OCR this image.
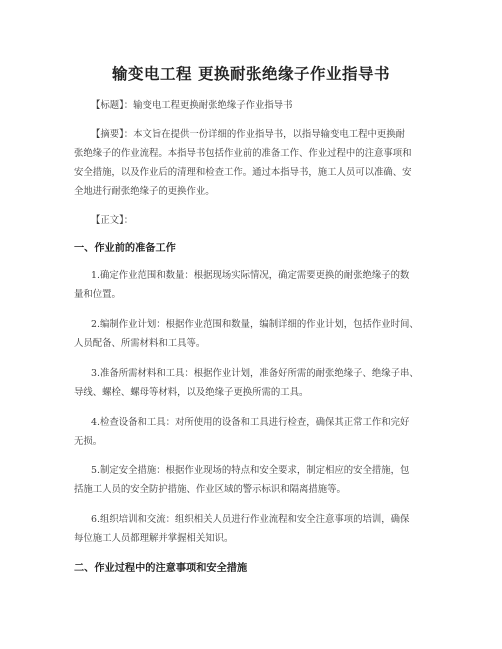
输变电工程 更换耐张绝缘子作业指导书
【标题】：输变电工程更换耐张绝缘子作业指导书
【摘要】：本文旨在提供一份详细的作业指导书，以指导输变电工程中更换耐
张绝缘子的作业流程。本指导书包括作业前的准备工作、作业过程中的注意事项和
安全措施，以及作业后的清理和检查工作。通过本指导书，施工人员可以准确、安
全地进行耐张绝缘子的更换作业。
【正文】：
一、作业前的准备工作
1.确定作业范围和数量：根据现场实际情况，确定需要更换的耐张绝缘子的数
量和位置。
2.编制作业计划：根据作业范围和数量，编制详细的作业计划，包括作业时间、
人员配备、所需材料和工具等。
3.准备所需材料和工具：根据作业计划，准备好所需的耐张绝缘子、绝缘子串、
导线、螺栓、螺母等材料，以及绝缘子更换所需的工具。
4.检查设备和工具：对所使用的设备和工具进行检查，确保其正常工作和完好
无损。
5.制定安全措施：根据作业现场的特点和安全要求，制定相应的安全措施，包
括施工人员的安全防护措施、作业区域的警示标识和隔离措施等。
6.组织培训和交流：组织相关人员进行作业流程和安全注意事项的培训，确保
每位施工人员都理解并掌握相关知识。
二、作业过程中的注意事项和安全措施
